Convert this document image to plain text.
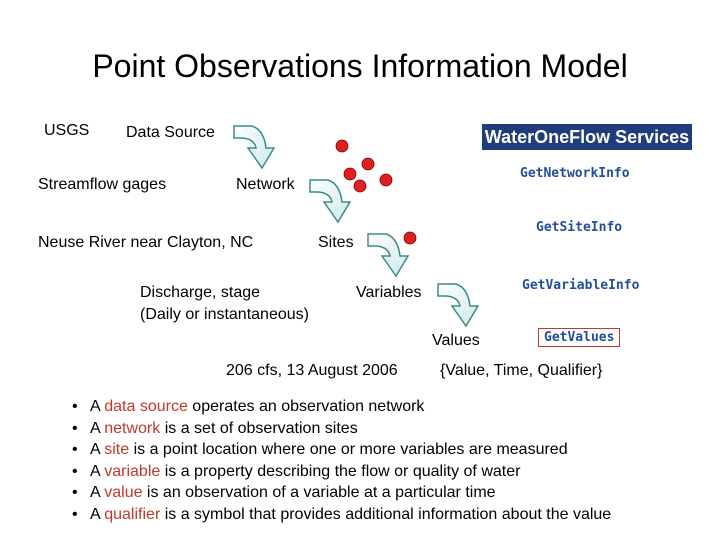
Point Observations Information Model
USGS Data Source
Streamflow gages	Network
Neuse River near Clayton, NC	Sites
Discharge, stage
(Daily or instantaneous)
Variables
Values
206 cfs, 13 August 2006	{Value, Time, Qualifier}
WaterOneFlow Services
GetNetworkInfo
GetSiteInfo
GetVariableInfo
GetValues
• A data source operates an observation network
• A network is a set of observation sites
• A site is a point location where one or more variables are measured
• A variable is a property describing the flow or quality of water
• A value is an observation of a variable at a particular time
• A qualifier is a symbol that provides additional information about the value
